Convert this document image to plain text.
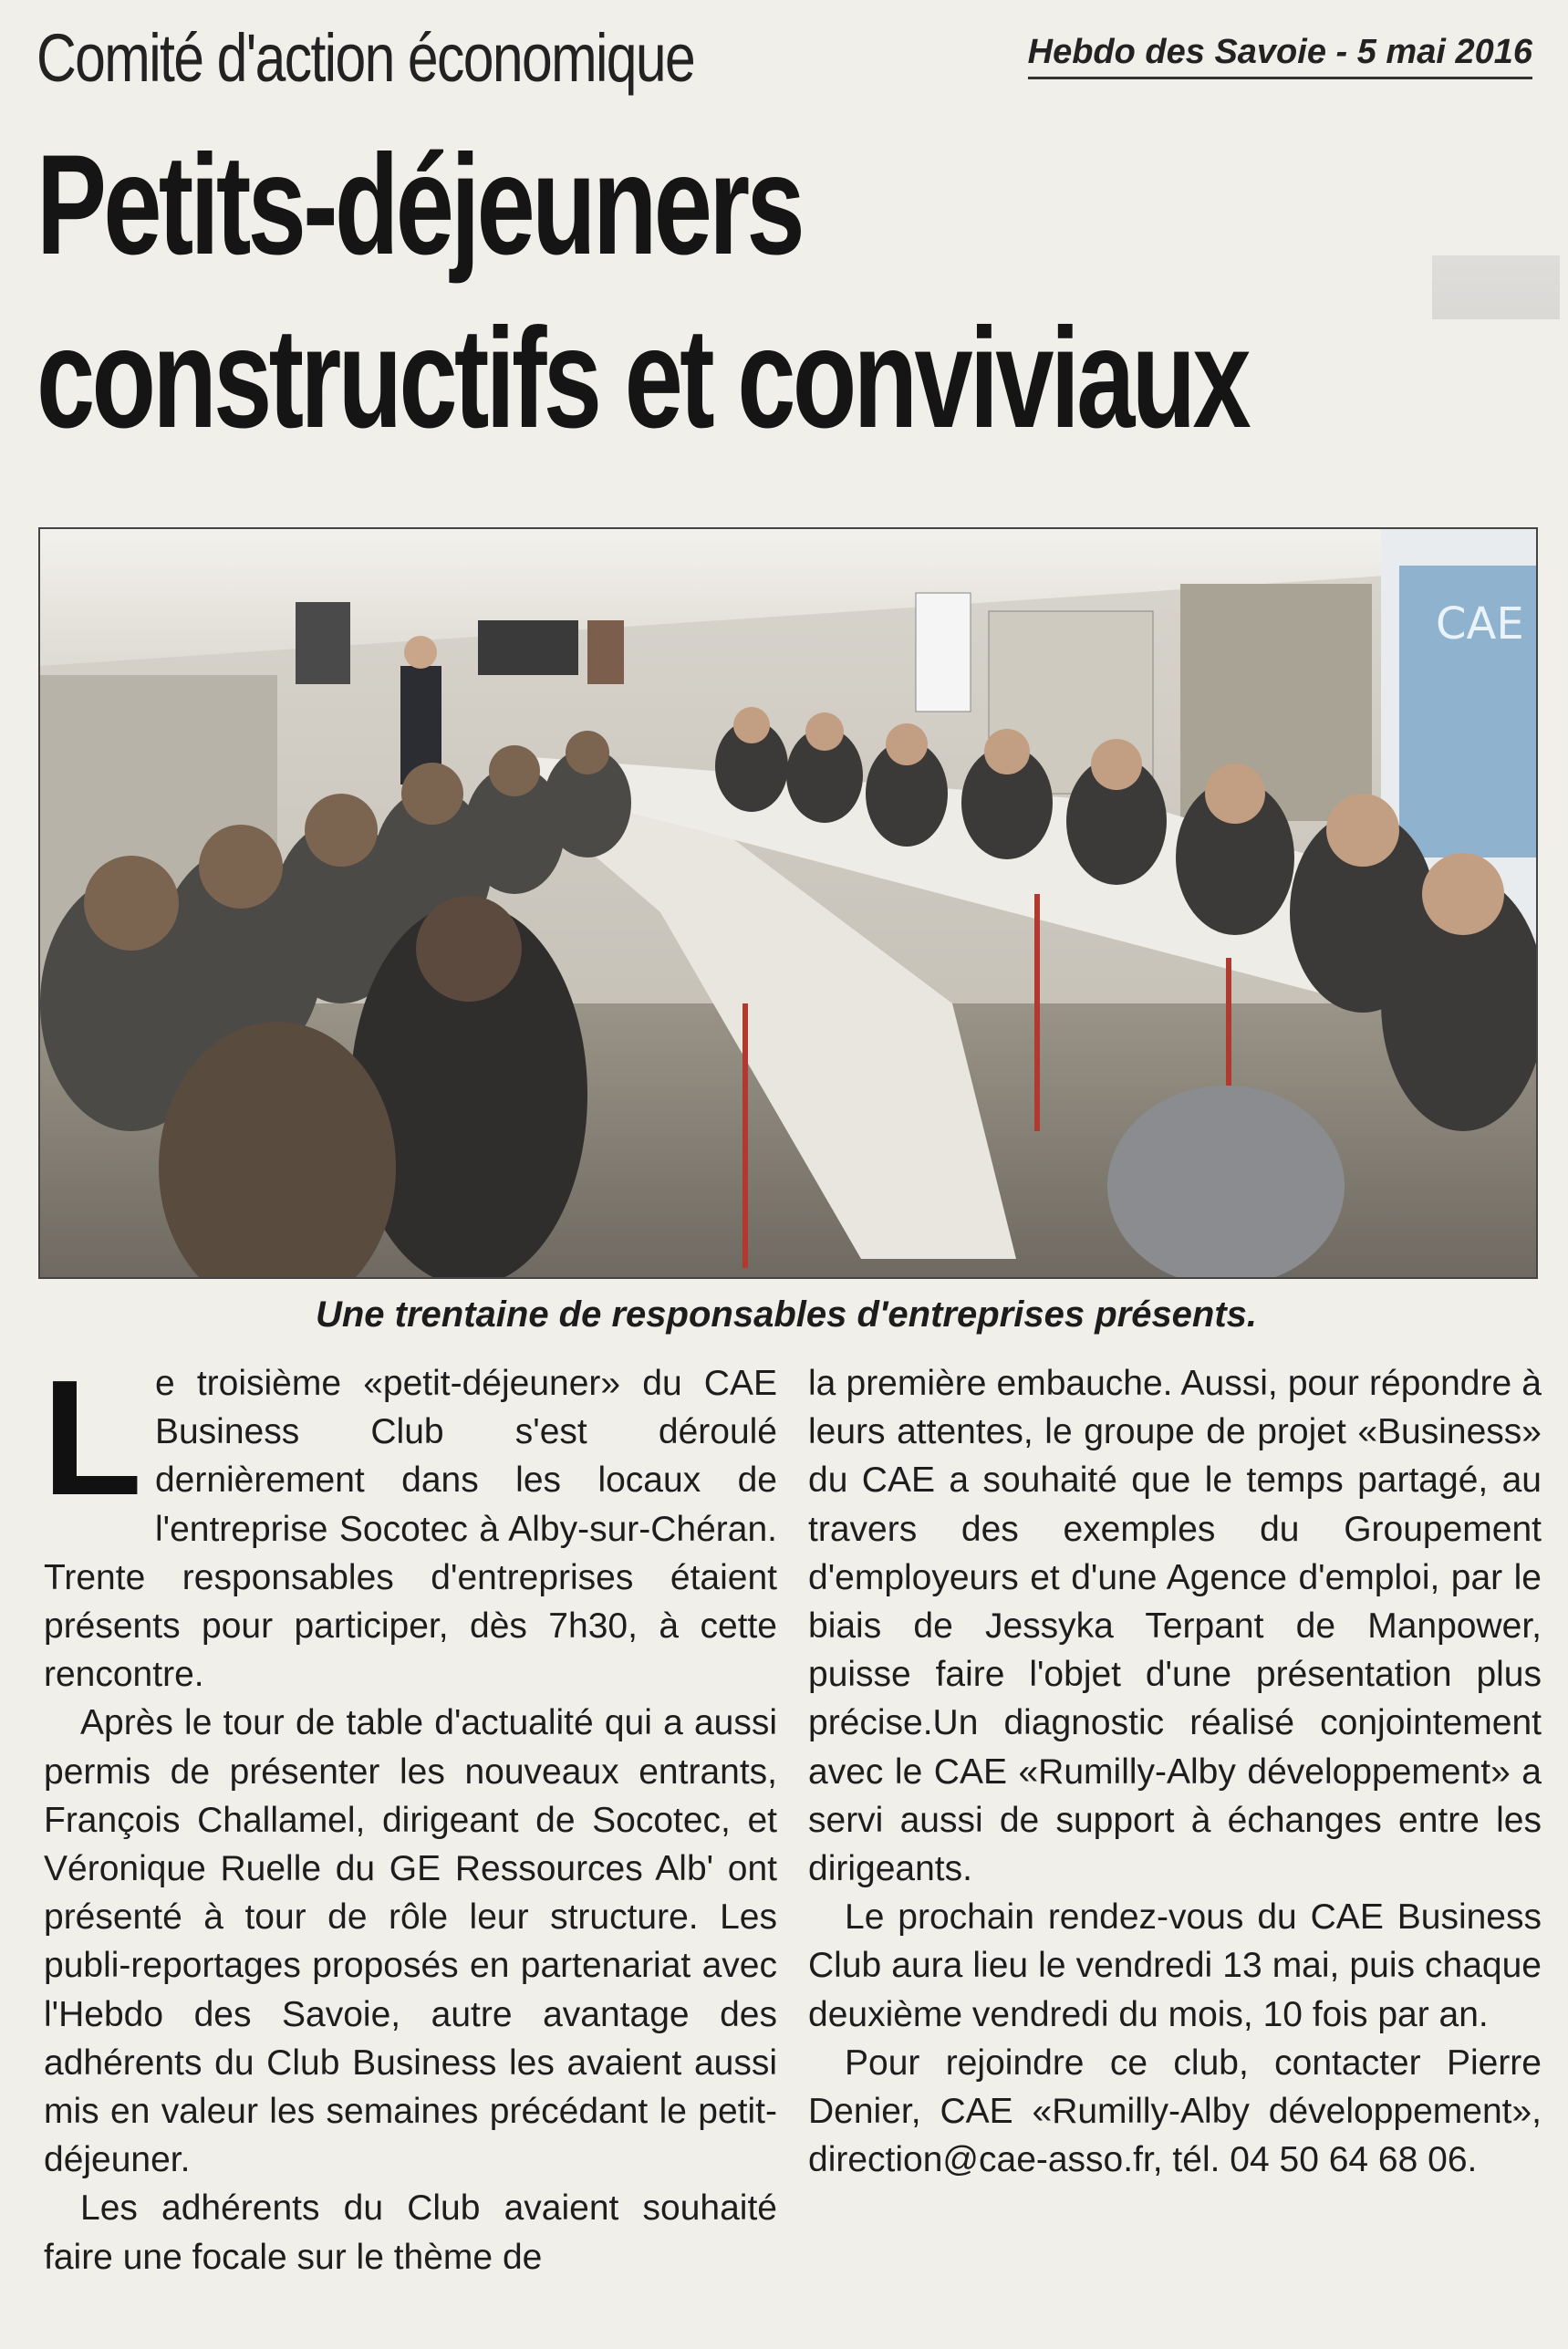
Comité d'action économique	Hebdo des Savoie - 5 mai 2016
Petits-déjeuners
constructifs et conviviaux
CAE
Une trentaine de responsables d'entreprises présents.

Le troisième «petit-déjeuner» du CAE Business Club s'est déroulé dernièrement dans les locaux de l'entreprise Socotec à Alby-sur-Chéran. Trente responsables d'entreprises étaient présents pour participer, dès 7h30, à cette rencontre.

Après le tour de table d'actualité qui a aussi permis de présenter les nouveaux entrants, François Challamel, dirigeant de Socotec, et Véronique Ruelle du GE Ressources Alb' ont présenté à tour de rôle leur structure. Les publi-reportages proposés en partenariat avec l'Hebdo des Savoie, autre avantage des adhérents du Club Business les avaient aussi mis en valeur les semaines précédant le petit-déjeuner.

Les adhérents du Club avaient souhaité faire une focale sur le thème de

la première embauche. Aussi, pour répondre à leurs attentes, le groupe de projet «Business» du CAE a souhaité que le temps partagé, au travers des exemples du Groupement d'employeurs et d'une Agence d'emploi, par le biais de Jessyka Terpant de Manpower, puisse faire l'objet d'une présentation plus précise.Un diagnostic réalisé conjointement avec le CAE «Rumilly-Alby développement» a servi aussi de support à échanges entre les dirigeants.

Le prochain rendez-vous du CAE Business Club aura lieu le vendredi 13 mai, puis chaque deuxième vendredi du mois, 10 fois par an.

Pour rejoindre ce club, contacter Pierre Denier, CAE «Rumilly-Alby développement», direction@cae-asso.fr, tél. 04 50 64 68 06.
